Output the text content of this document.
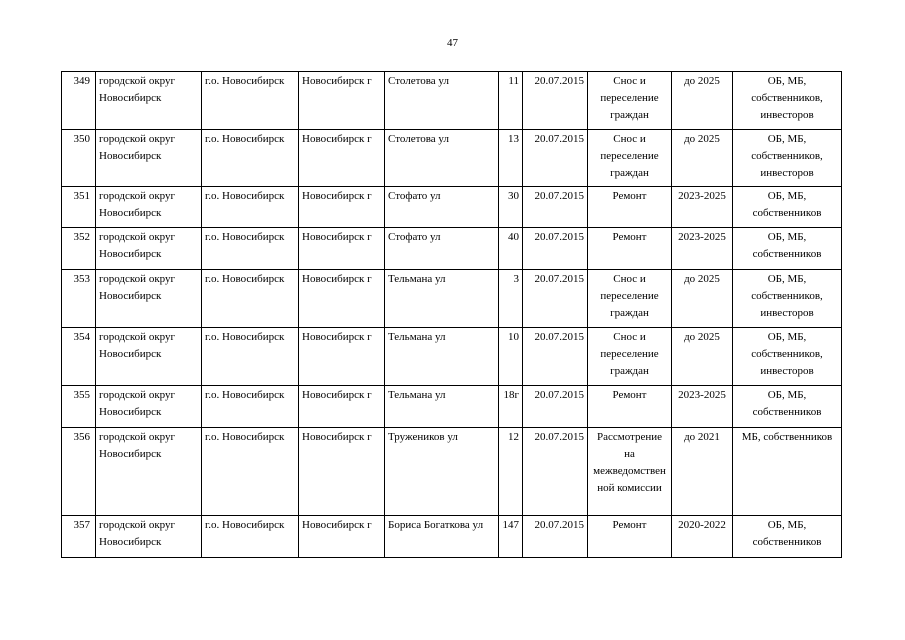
47
349	городской округ Новосибирск	г.о. Новосибирск	Новосибирск г	Столетова ул	11	20.07.2015	Снос и переселение граждан	до 2025	ОБ, МБ, собственников, инвесторов
350	городской округ Новосибирск	г.о. Новосибирск	Новосибирск г	Столетова ул	13	20.07.2015	Снос и переселение граждан	до 2025	ОБ, МБ, собственников, инвесторов
351	городской округ Новосибирск	г.о. Новосибирск	Новосибирск г	Стофато ул	30	20.07.2015	Ремонт	2023-2025	ОБ, МБ, собственников
352	городской округ Новосибирск	г.о. Новосибирск	Новосибирск г	Стофато ул	40	20.07.2015	Ремонт	2023-2025	ОБ, МБ, собственников
353	городской округ Новосибирск	г.о. Новосибирск	Новосибирск г	Тельмана ул	3	20.07.2015	Снос и переселение граждан	до 2025	ОБ, МБ, собственников, инвесторов
354	городской округ Новосибирск	г.о. Новосибирск	Новосибирск г	Тельмана ул	10	20.07.2015	Снос и переселение граждан	до 2025	ОБ, МБ, собственников, инвесторов
355	городской округ Новосибирск	г.о. Новосибирск	Новосибирск г	Тельмана ул	18г	20.07.2015	Ремонт	2023-2025	ОБ, МБ, собственников
356	городской округ Новосибирск	г.о. Новосибирск	Новосибирск г	Тружеников ул	12	20.07.2015	Рассмотрение на межведомственной комиссии	до 2021	МБ, собственников
357	городской округ Новосибирск	г.о. Новосибирск	Новосибирск г	Бориса Богаткова ул	147	20.07.2015	Ремонт	2020-2022	ОБ, МБ, собственников
